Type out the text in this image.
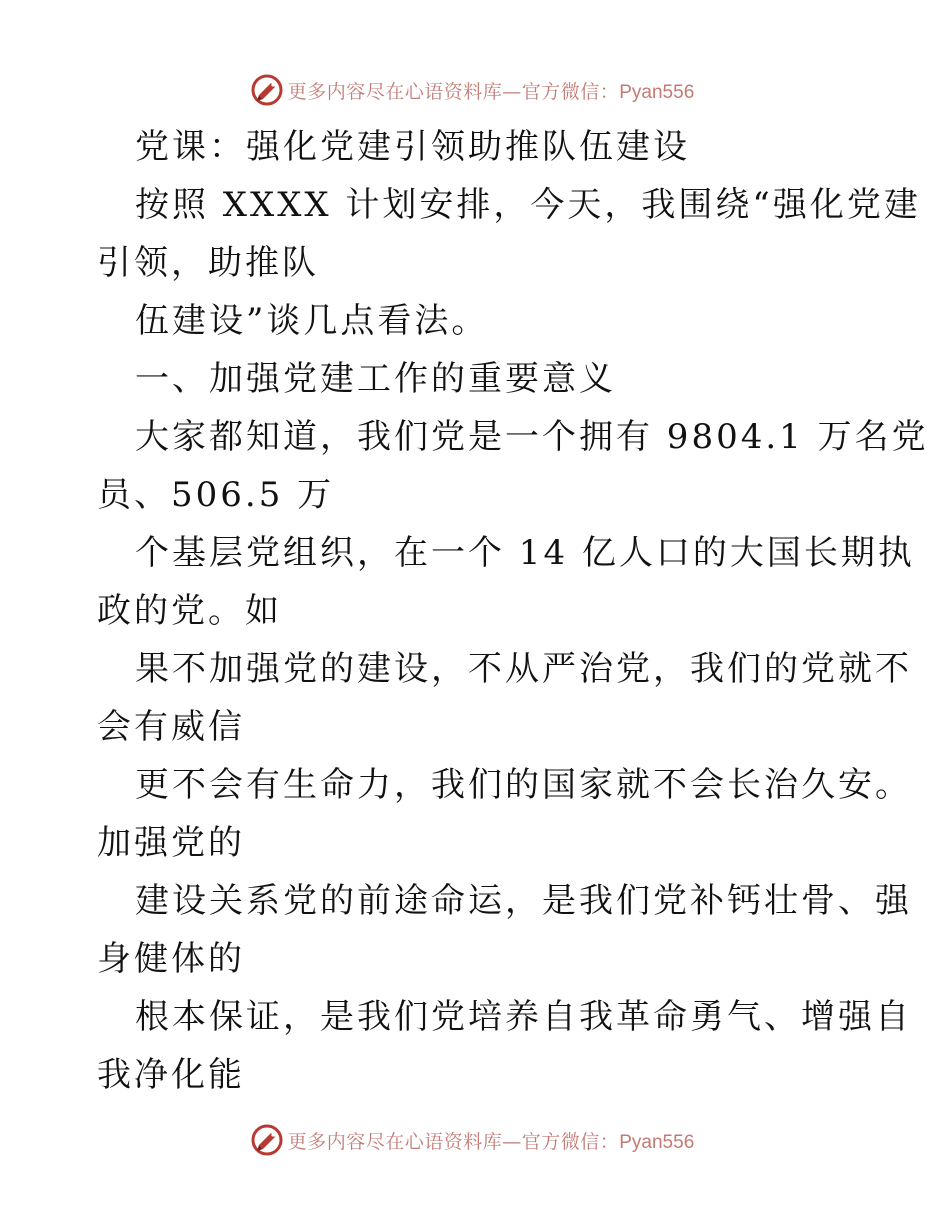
更多内容尽在心语资料库—官方微信：Pyan556
党课：强化党建引领助推队伍建设
按照 XXXX 计划安排，今天，我围绕“强化党建
引领，助推队
伍建设”谈几点看法。
一、加强党建工作的重要意义
大家都知道，我们党是一个拥有 9804.1 万名党
员、506.5 万
个基层党组织，在一个 14 亿人口的大国长期执
政的党。如
果不加强党的建设，不从严治党，我们的党就不
会有威信
更不会有生命力，我们的国家就不会长治久安。
加强党的
建设关系党的前途命运，是我们党补钙壮骨、强
身健体的
根本保证，是我们党培养自我革命勇气、增强自
我净化能
更多内容尽在心语资料库—官方微信：Pyan556
